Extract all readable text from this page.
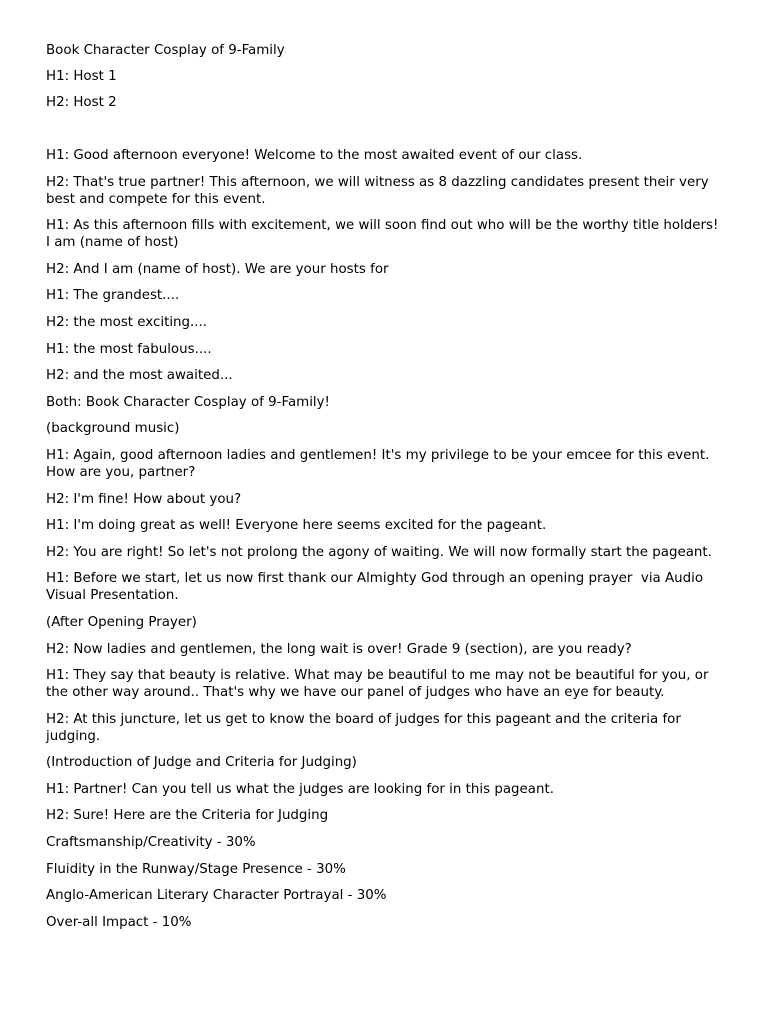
Book Character Cosplay of 9-Family

H1: Host 1

H2: Host 2

H1: Good afternoon everyone! Welcome to the most awaited event of our class.

H2: That's true partner! This afternoon, we will witness as 8 dazzling candidates present their very best and compete for this event.

H1: As this afternoon fills with excitement, we will soon find out who will be the worthy title holders! I am (name of host)

H2: And I am (name of host). We are your hosts for

H1: The grandest....

H2: the most exciting....

H1: the most fabulous....

H2: and the most awaited...

Both: Book Character Cosplay of 9-Family!

(background music)

H1: Again, good afternoon ladies and gentlemen! It's my privilege to be your emcee for this event. How are you, partner?

H2: I'm fine! How about you?

H1: I'm doing great as well! Everyone here seems excited for the pageant.

H2: You are right! So let's not prolong the agony of waiting. We will now formally start the pageant.

H1: Before we start, let us now first thank our Almighty God through an opening prayer  via Audio Visual Presentation.

(After Opening Prayer)

H2: Now ladies and gentlemen, the long wait is over! Grade 9 (section), are you ready?

H1: They say that beauty is relative. What may be beautiful to me may not be beautiful for you, or the other way around.. That's why we have our panel of judges who have an eye for beauty.

H2: At this juncture, let us get to know the board of judges for this pageant and the criteria for judging.

(Introduction of Judge and Criteria for Judging)

H1: Partner! Can you tell us what the judges are looking for in this pageant.

H2: Sure! Here are the Criteria for Judging

Craftsmanship/Creativity - 30%

Fluidity in the Runway/Stage Presence - 30%

Anglo-American Literary Character Portrayal - 30%

Over-all Impact - 10%
